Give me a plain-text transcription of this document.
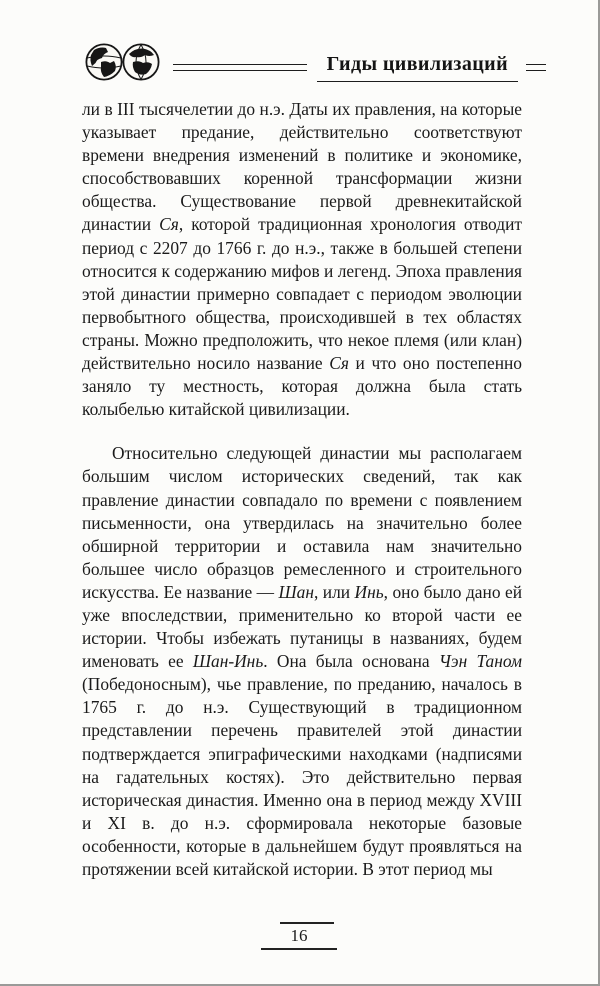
Гиды цивилизаций

ли в III тысячелетии до н.э. Даты их правления, на которые указывает предание, действительно соответствуют времени внедрения изменений в политике и экономике, способствовавших коренной трансформации жизни общества. Существование первой древнекитайской династии Ся, которой традиционная хронология отводит период с 2207 до 1766 г. до н.э., также в большей степени относится к содержанию мифов и легенд. Эпоха правления этой династии примерно совпадает с периодом эволюции первобытного общества, происходившей в тех областях страны. Можно предположить, что некое племя (или клан) действительно носило название Ся и что оно постепенно заняло ту местность, которая должна была стать колыбелью китайской цивилизации.

Относительно следующей династии мы располагаем большим числом исторических сведений, так как правление династии совпадало по времени с появлением письменности, она утвердилась на значительно более обширной территории и оставила нам значительно большее число образцов ремесленного и строительного искусства. Ее название — Шан, или Инь, оно было дано ей уже впоследствии, применительно ко второй части ее истории. Чтобы избежать путаницы в названиях, будем именовать ее Шан-Инь. Она была основана Чэн Таном (Победоносным), чье правление, по преданию, началось в 1765 г. до н.э. Существующий в традиционном представлении перечень правителей этой династии подтверждается эпиграфическими находками (надписями на гадательных костях). Это действительно первая историческая династия. Именно она в период между XVIII и XI в. до н.э. сформировала некоторые базовые особенности, которые в дальнейшем будут проявляться на протяжении всей китайской истории. В этот период мы

16
